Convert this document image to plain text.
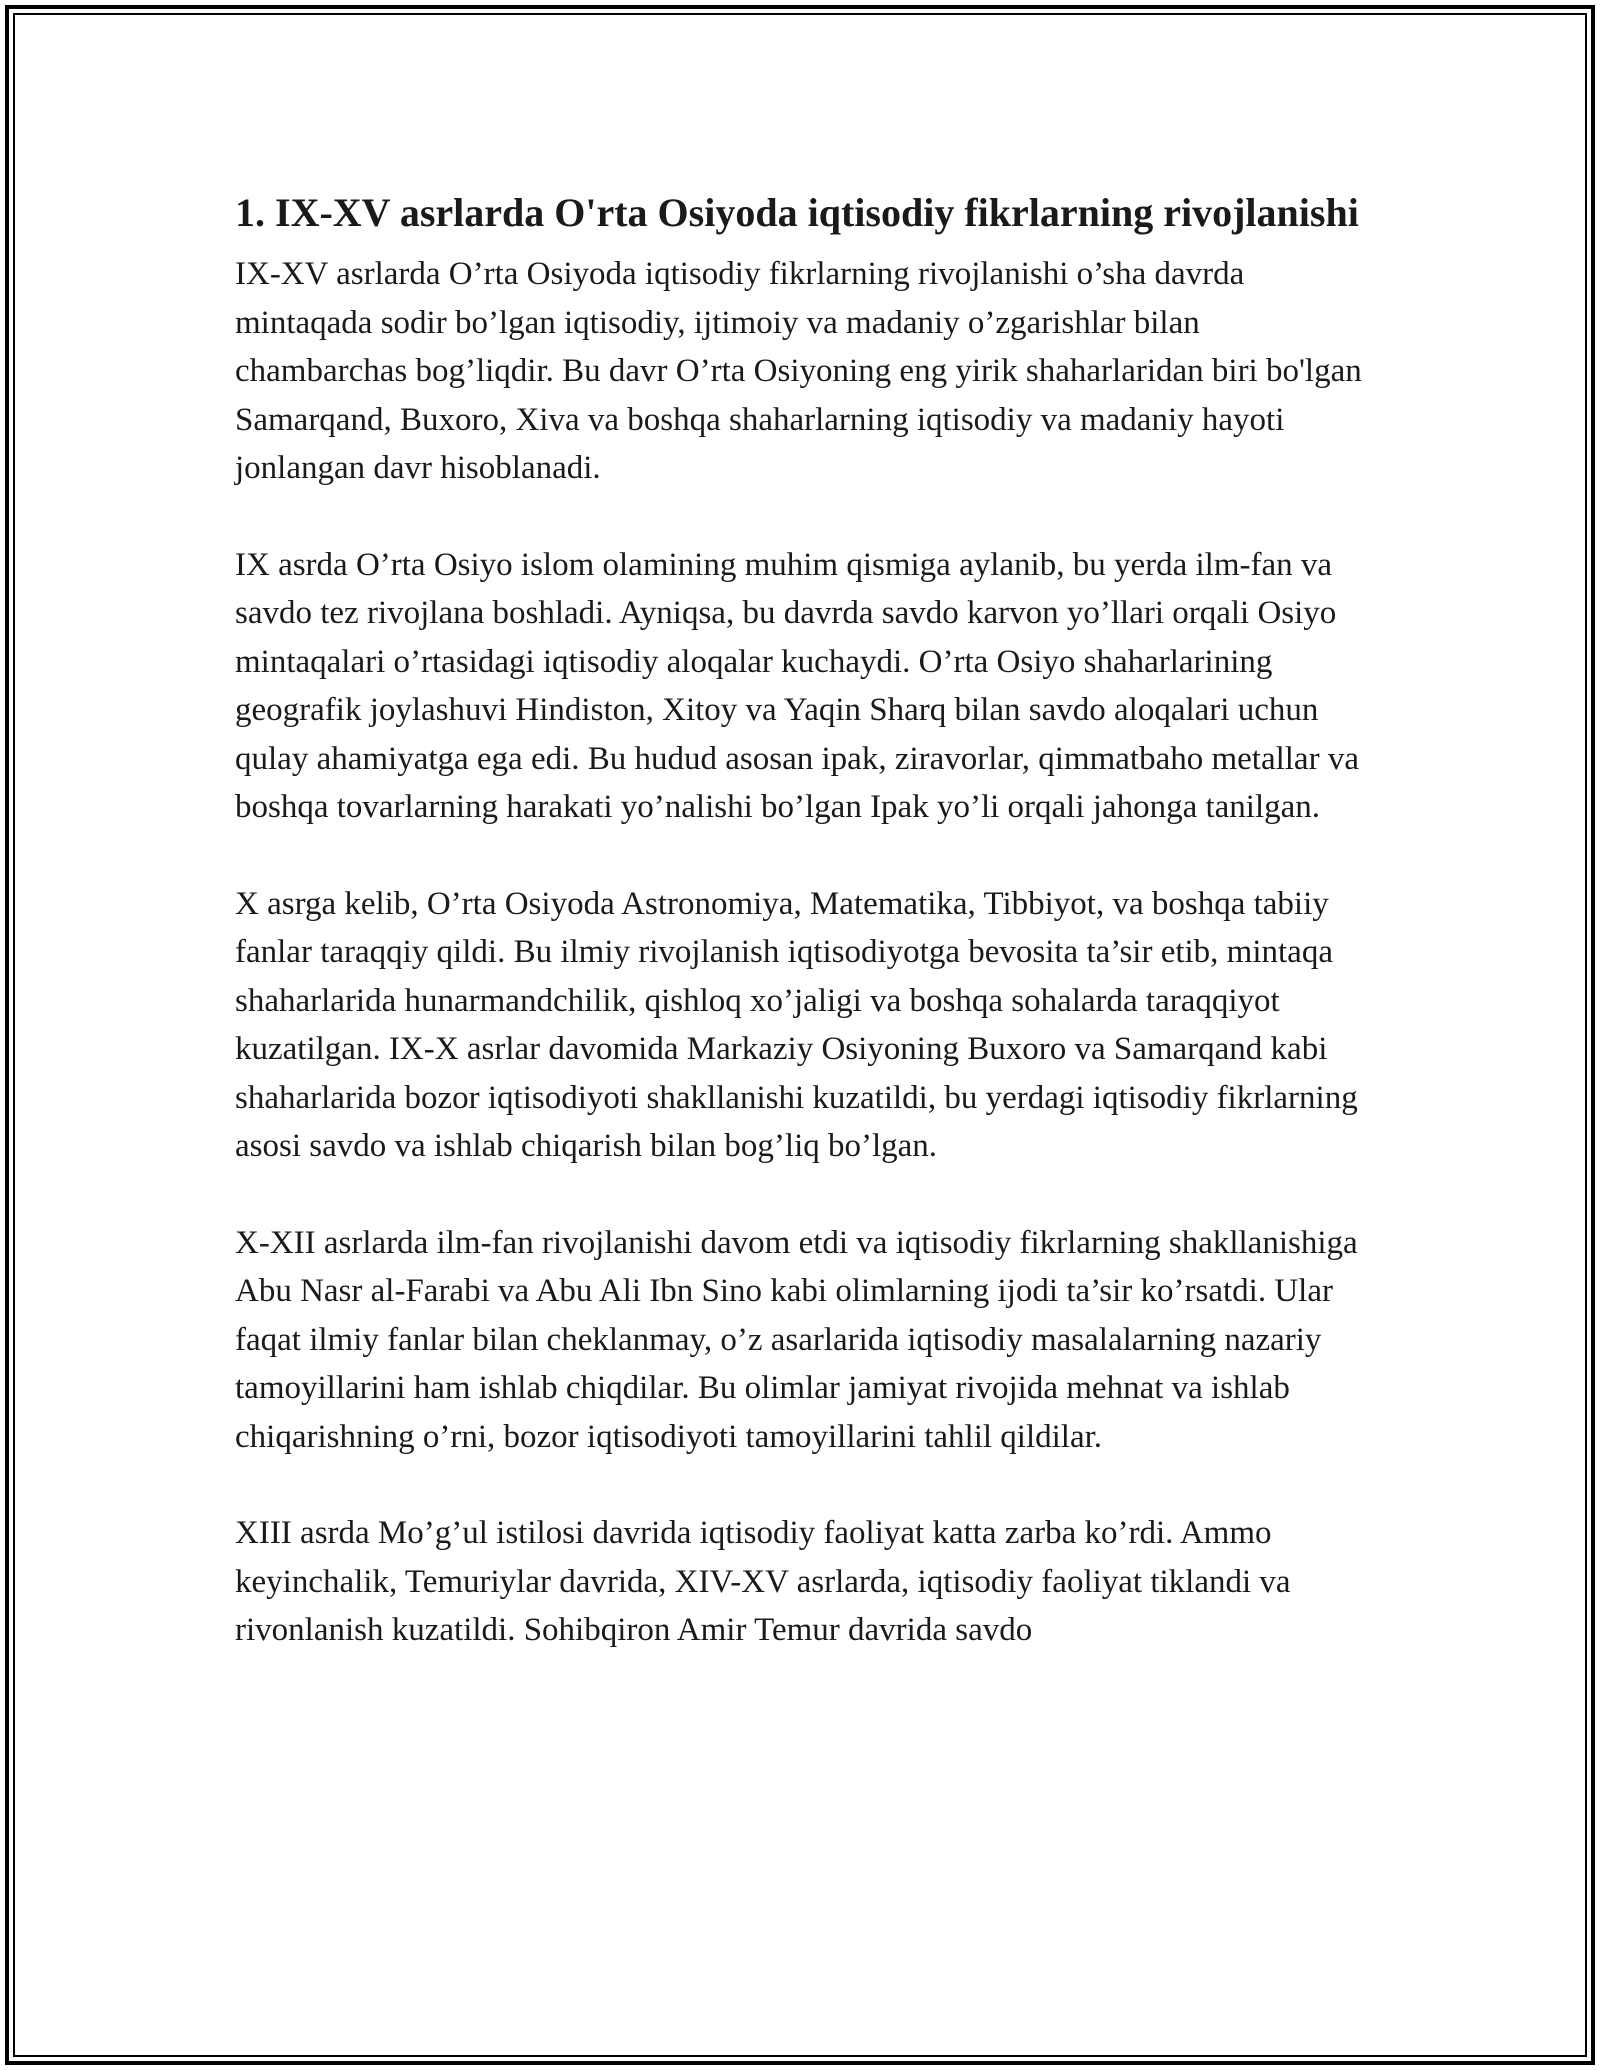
1. IX-XV asrlarda O'rta Osiyoda iqtisodiy fikrlarning rivojlanishi

IX-XV asrlarda O’rta Osiyoda iqtisodiy fikrlarning rivojlanishi o’sha davrda mintaqada sodir bo’lgan iqtisodiy, ijtimoiy va madaniy o’zgarishlar bilan chambarchas bog’liqdir. Bu davr O’rta Osiyoning eng yirik shaharlaridan biri bo'lgan Samarqand, Buxoro, Xiva va boshqa shaharlarning iqtisodiy va madaniy hayoti jonlangan davr hisoblanadi.

IX asrda O’rta Osiyo islom olamining muhim qismiga aylanib, bu yerda ilm-fan va savdo tez rivojlana boshladi. Ayniqsa, bu davrda savdo karvon yo’llari orqali Osiyo mintaqalari o’rtasidagi iqtisodiy aloqalar kuchaydi. O’rta Osiyo shaharlarining geografik joylashuvi Hindiston, Xitoy va Yaqin Sharq bilan savdo aloqalari uchun qulay ahamiyatga ega edi. Bu hudud asosan ipak, ziravorlar, qimmatbaho metallar va boshqa tovarlarning harakati yo’nalishi bo’lgan Ipak yo’li orqali jahonga tanilgan.

X asrga kelib, O’rta Osiyoda Astronomiya, Matematika, Tibbiyot, va boshqa tabiiy fanlar taraqqiy qildi. Bu ilmiy rivojlanish iqtisodiyotga bevosita ta’sir etib, mintaqa shaharlarida hunarmandchilik, qishloq xo’jaligi va boshqa sohalarda taraqqiyot kuzatilgan. IX-X asrlar davomida Markaziy Osiyoning Buxoro va Samarqand kabi shaharlarida bozor iqtisodiyoti shakllanishi kuzatildi, bu yerdagi iqtisodiy fikrlarning asosi savdo va ishlab chiqarish bilan bog’liq bo’lgan.

X-XII asrlarda ilm-fan rivojlanishi davom etdi va iqtisodiy fikrlarning shakllanishiga Abu Nasr al-Farabi va Abu Ali Ibn Sino kabi olimlarning ijodi ta’sir ko’rsatdi. Ular faqat ilmiy fanlar bilan cheklanmay, o’z asarlarida iqtisodiy masalalarning nazariy tamoyillarini ham ishlab chiqdilar. Bu olimlar jamiyat rivojida mehnat va ishlab chiqarishning o’rni, bozor iqtisodiyoti tamoyillarini tahlil qildilar.

XIII asrda Mo’g’ul istilosi davrida iqtisodiy faoliyat katta zarba ko’rdi. Ammo keyinchalik, Temuriylar davrida, XIV-XV asrlarda, iqtisodiy faoliyat tiklandi va rivonlanish kuzatildi. Sohibqiron Amir Temur davrida savdo
